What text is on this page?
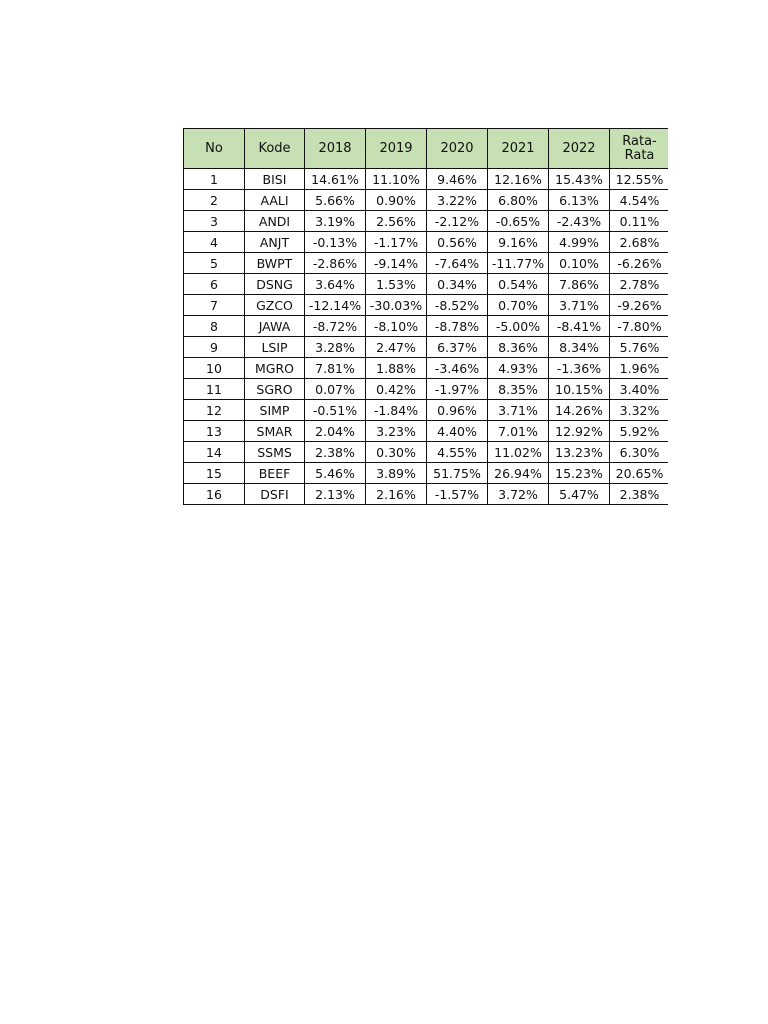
No	Kode	2018	2019	2020	2021	2022	Rata-Rata
1	BISI	14.61%	11.10%	9.46%	12.16%	15.43%	12.55%
2	AALI	5.66%	0.90%	3.22%	6.80%	6.13%	4.54%
3	ANDI	3.19%	2.56%	-2.12%	-0.65%	-2.43%	0.11%
4	ANJT	-0.13%	-1.17%	0.56%	9.16%	4.99%	2.68%
5	BWPT	-2.86%	-9.14%	-7.64%	-11.77%	0.10%	-6.26%
6	DSNG	3.64%	1.53%	0.34%	0.54%	7.86%	2.78%
7	GZCO	-12.14%	-30.03%	-8.52%	0.70%	3.71%	-9.26%
8	JAWA	-8.72%	-8.10%	-8.78%	-5.00%	-8.41%	-7.80%
9	LSIP	3.28%	2.47%	6.37%	8.36%	8.34%	5.76%
10	MGRO	7.81%	1.88%	-3.46%	4.93%	-1.36%	1.96%
11	SGRO	0.07%	0.42%	-1.97%	8.35%	10.15%	3.40%
12	SIMP	-0.51%	-1.84%	0.96%	3.71%	14.26%	3.32%
13	SMAR	2.04%	3.23%	4.40%	7.01%	12.92%	5.92%
14	SSMS	2.38%	0.30%	4.55%	11.02%	13.23%	6.30%
15	BEEF	5.46%	3.89%	51.75%	26.94%	15.23%	20.65%
16	DSFI	2.13%	2.16%	-1.57%	3.72%	5.47%	2.38%
